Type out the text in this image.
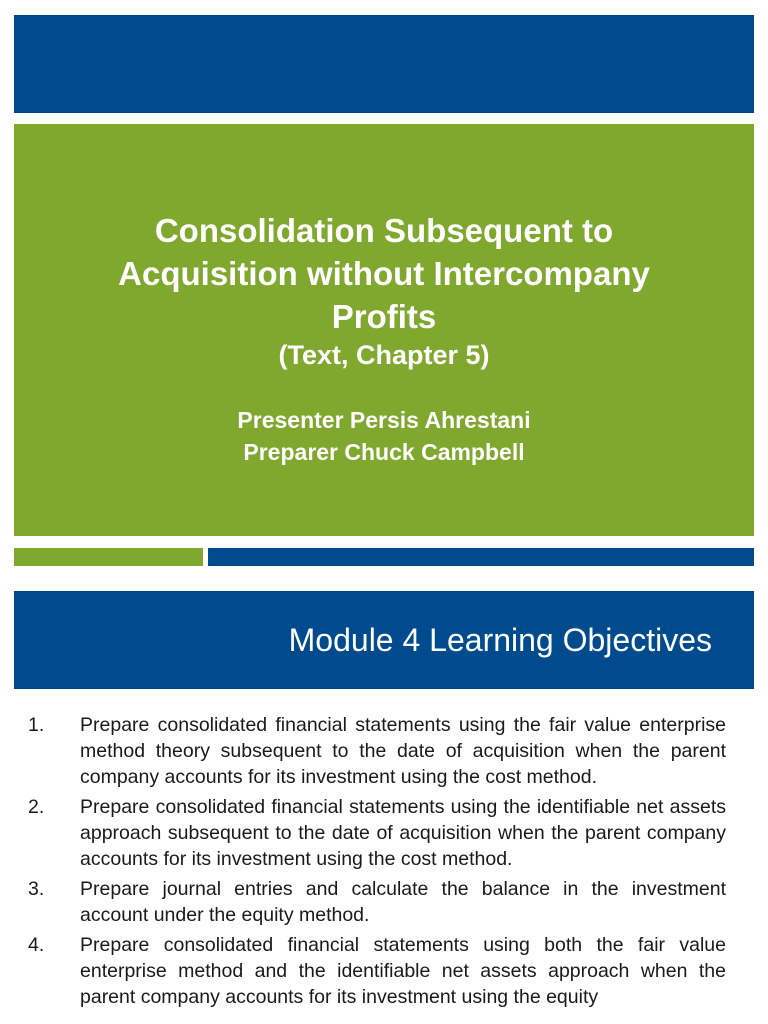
Consolidation Subsequent to Acquisition without Intercompany Profits
(Text, Chapter 5)
Presenter Persis Ahrestani
Preparer Chuck Campbell
Module 4 Learning Objectives
1. Prepare consolidated financial statements using the fair value enterprise method theory subsequent to the date of acquisition when the parent company accounts for its investment using the cost method.
2. Prepare consolidated financial statements using the identifiable net assets approach subsequent to the date of acquisition when the parent company accounts for its investment using the cost method.
3. Prepare journal entries and calculate the balance in the investment account under the equity method.
4. Prepare consolidated financial statements using both the fair value enterprise method and the identifiable net assets approach when the parent company accounts for its investment using the equity
